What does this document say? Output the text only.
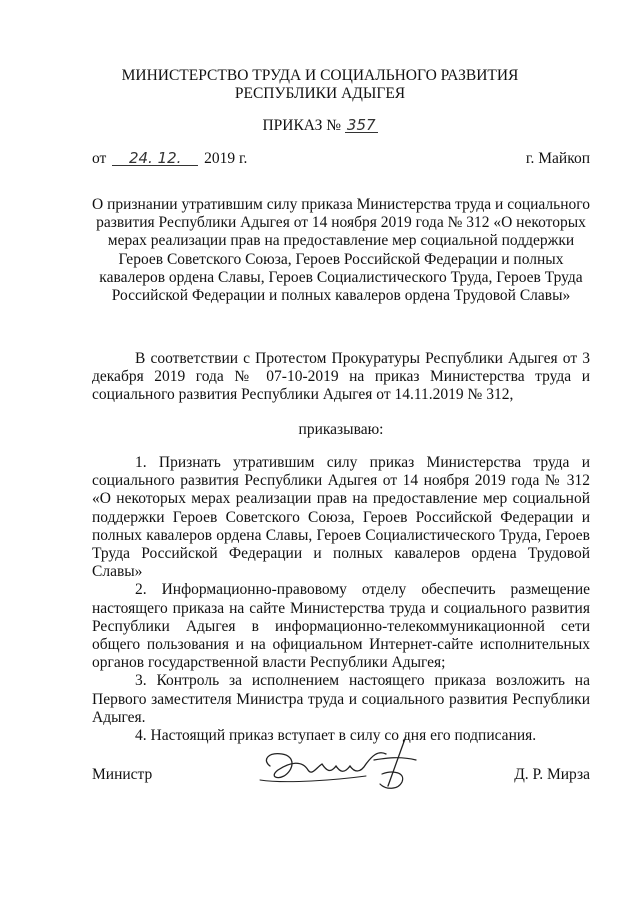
МИНИСТЕРСТВО ТРУДА И СОЦИАЛЬНОГО РАЗВИТИЯ
РЕСПУБЛИКИ АДЫГЕЯ
ПРИКАЗ № 357
от 24. 12. 2019 г.	г. Майкоп

О признании утратившим силу приказа Министерства труда и социального развития Республики Адыгея от 14 ноября 2019 года № 312 «О некоторых мерах реализации прав на предоставление мер социальной поддержки Героев Советского Союза, Героев Российской Федерации и полных кавалеров ордена Славы, Героев Социалистического Труда, Героев Труда Российской Федерации и полных кавалеров ордена Трудовой Славы»

В соответствии с Протестом Прокуратуры Республики Адыгея от 3 декабря 2019 года № 07-10-2019 на приказ Министерства труда и социального развития Республики Адыгея от 14.11.2019 № 312,

приказываю:

1. Признать утратившим силу приказ Министерства труда и социального развития Республики Адыгея от 14 ноября 2019 года № 312 «О некоторых мерах реализации прав на предоставление мер социальной поддержки Героев Советского Союза, Героев Российской Федерации и полных кавалеров ордена Славы, Героев Социалистического Труда, Героев Труда Российской Федерации и полных кавалеров ордена Трудовой Славы»

2. Информационно-правовому отделу обеспечить размещение настоящего приказа на сайте Министерства труда и социального развития Республики Адыгея в информационно-телекоммуникационной сети общего пользования и на официальном Интернет-сайте исполнительных органов государственной власти Республики Адыгея;

3. Контроль за исполнением настоящего приказа возложить на Первого заместителя Министра труда и социального развития Республики Адыгея.

4. Настоящий приказ вступает в силу со дня его подписания.

Министр	Д. Р. Мирза
